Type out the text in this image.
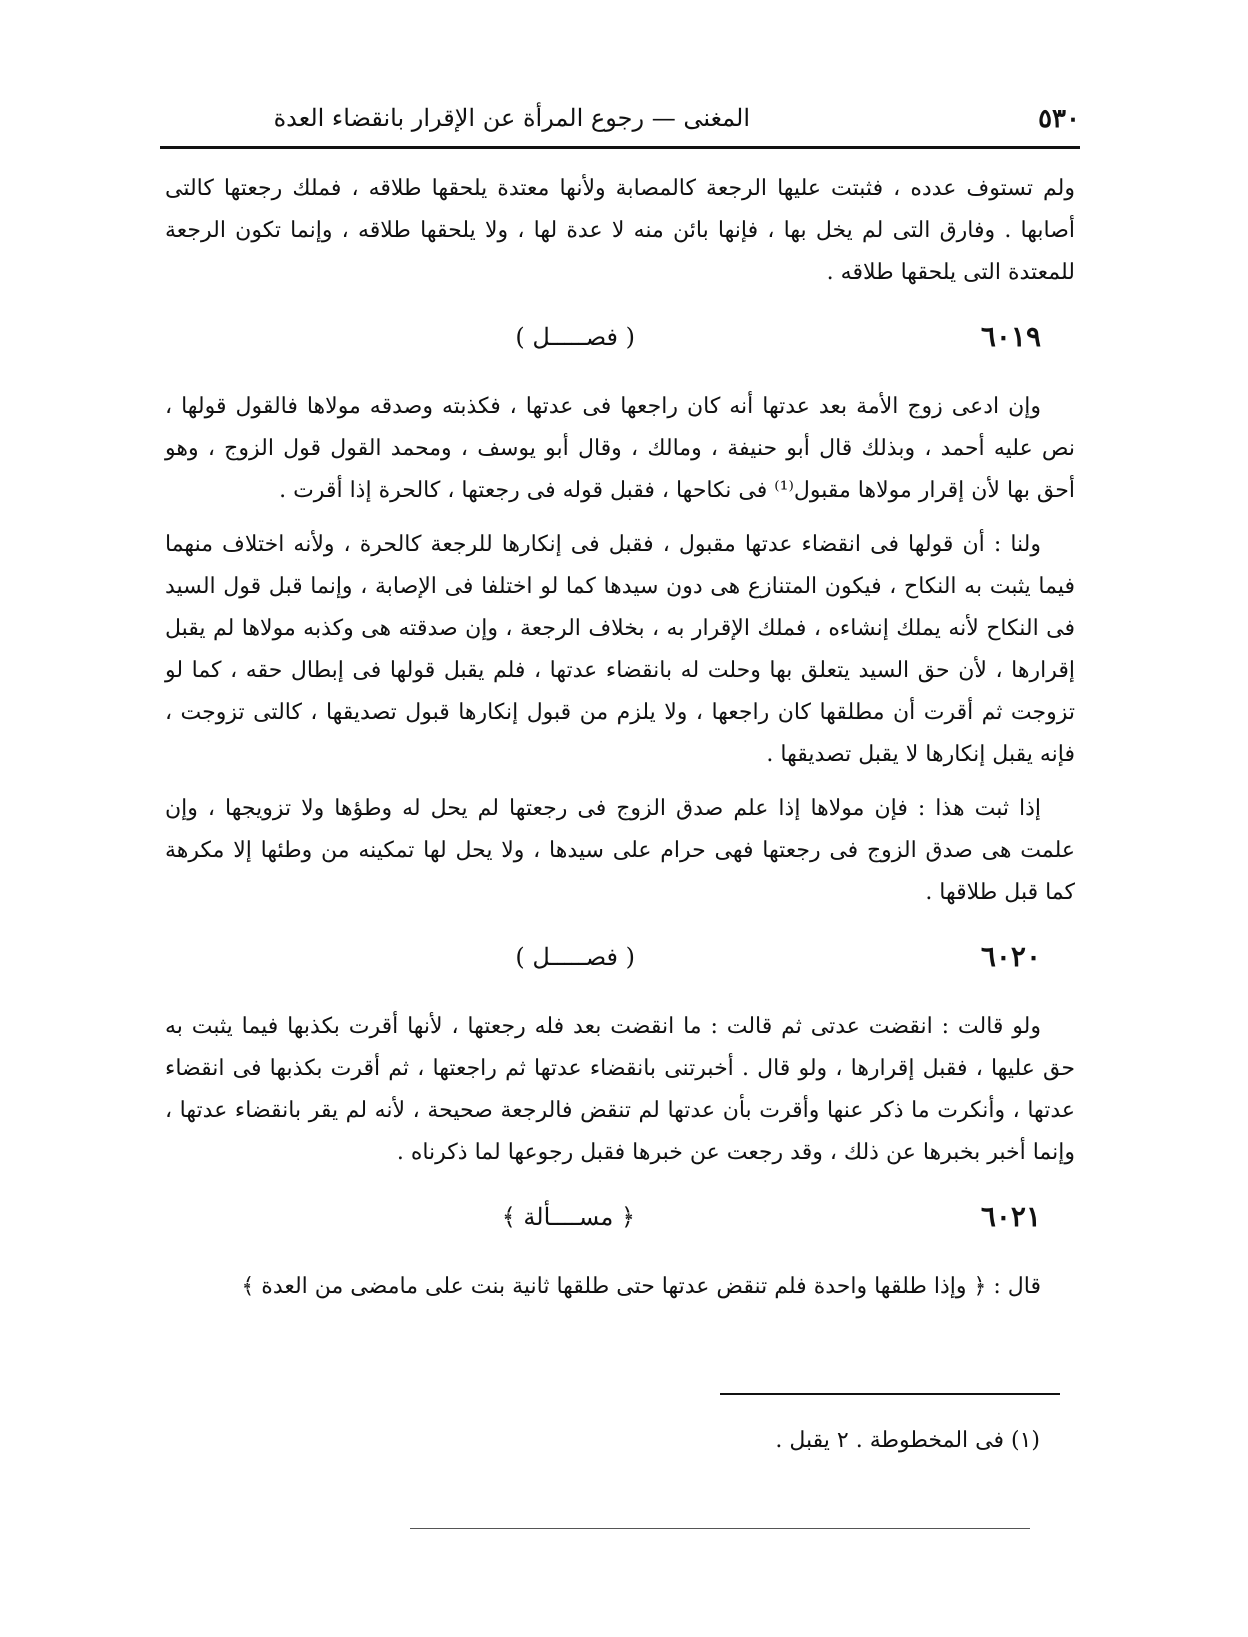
٥٣٠
المغنى — رجوع المرأة عن الإقرار بانقضاء العدة

ولم تستوف عدده ، فثبتت عليها الرجعة كالمصابة ولأنها معتدة يلحقها طلاقه ، فملك رجعتها كالتى أصابها . وفارق التى لم يخل بها ، فإنها بائن منه لا عدة لها ، ولا يلحقها طلاقه ، وإنما تكون الرجعة للمعتدة التى يلحقها طلاقه .

٦٠١٩
( فصـــــل )

وإن ادعى زوج الأمة بعد عدتها أنه كان راجعها فى عدتها ، فكذبته وصدقه مولاها فالقول قولها ، نص عليه أحمد ، وبذلك قال أبو حنيفة ، ومالك ، وقال أبو يوسف ، ومحمد القول قول الزوج ، وهو أحق بها لأن إقرار مولاها مقبول⁽¹⁾ فى نكاحها ، فقبل قوله فى رجعتها ، كالحرة إذا أقرت .

ولنا : أن قولها فى انقضاء عدتها مقبول ، فقبل فى إنكارها للرجعة كالحرة ، ولأنه اختلاف منهما فيما يثبت به النكاح ، فيكون المتنازع هى دون سيدها كما لو اختلفا فى الإصابة ، وإنما قبل قول السيد فى النكاح لأنه يملك إنشاءه ، فملك الإقرار به ، بخلاف الرجعة ، وإن صدقته هى وكذبه مولاها لم يقبل إقرارها ، لأن حق السيد يتعلق بها وحلت له بانقضاء عدتها ، فلم يقبل قولها فى إبطال حقه ، كما لو تزوجت ثم أقرت أن مطلقها كان راجعها ، ولا يلزم من قبول إنكارها قبول تصديقها ، كالتى تزوجت ، فإنه يقبل إنكارها لا يقبل تصديقها .

إذا ثبت هذا : فإن مولاها إذا علم صدق الزوج فى رجعتها لم يحل له وطؤها ولا تزويجها ، وإن علمت هى صدق الزوج فى رجعتها فهى حرام على سيدها ، ولا يحل لها تمكينه من وطئها إلا مكرهة كما قبل طلاقها .

٦٠٢٠
( فصـــــل )

ولو قالت : انقضت عدتى ثم قالت : ما انقضت بعد فله رجعتها ، لأنها أقرت بكذبها فيما يثبت به حق عليها ، فقبل إقرارها ، ولو قال . أخبرتنى بانقضاء عدتها ثم راجعتها ، ثم أقرت بكذبها فى انقضاء عدتها ، وأنكرت ما ذكر عنها وأقرت بأن عدتها لم تنقض فالرجعة صحيحة ، لأنه لم يقر بانقضاء عدتها ، وإنما أخبر بخبرها عن ذلك ، وقد رجعت عن خبرها فقبل رجوعها لما ذكرناه .

٦٠٢١
﴿ مســــألة ﴾

قال : ﴿ وإذا طلقها واحدة فلم تنقض عدتها حتى طلقها ثانية بنت على مامضى من العدة ﴾

(١) فى المخطوطة . ٢ يقبل .
